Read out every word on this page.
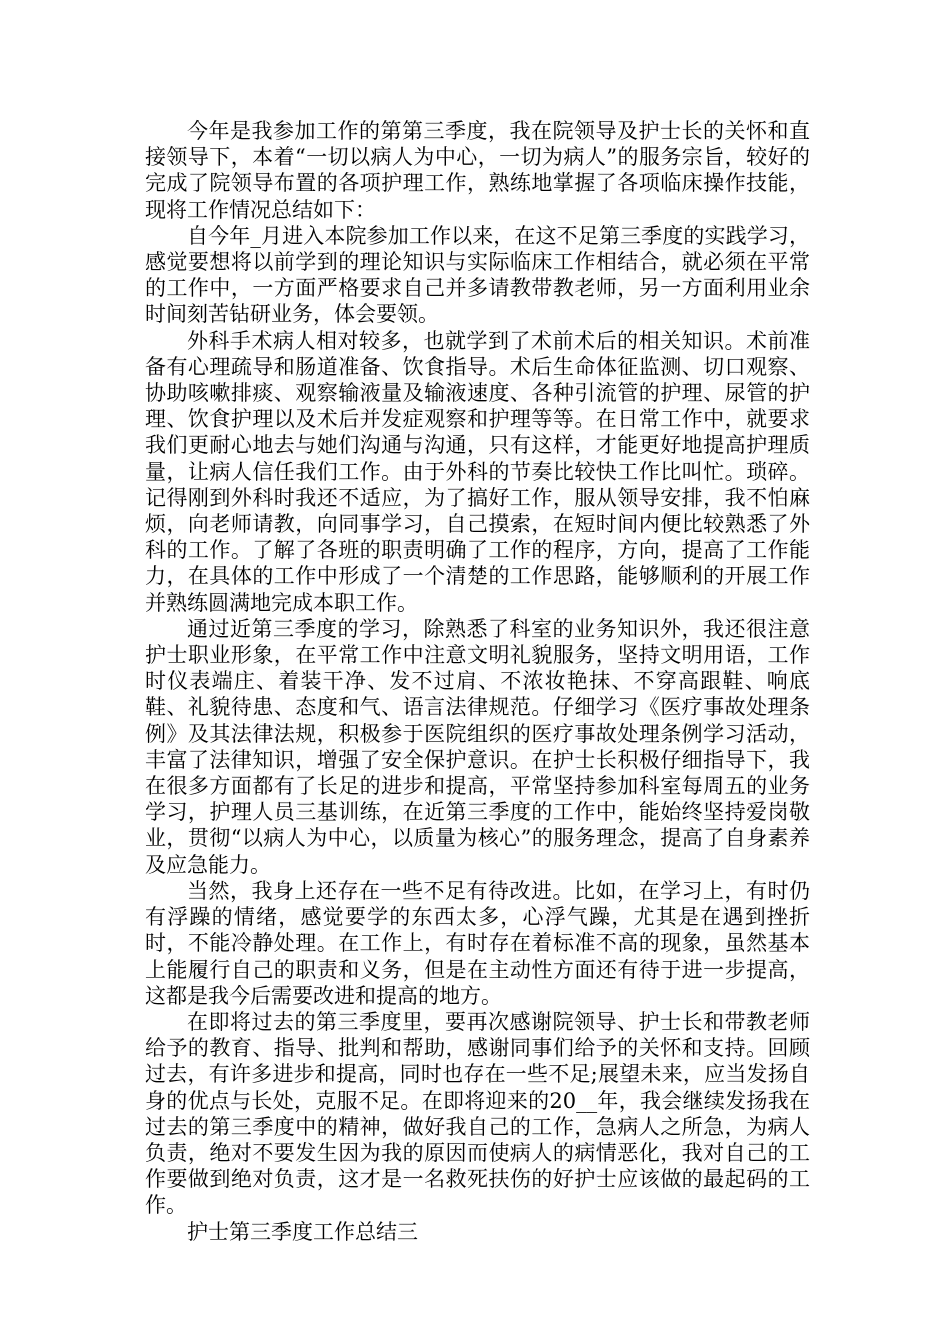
今年是我参加工作的第第三季度，我在院领导及护士长的关怀和直接领导下，本着“一切以病人为中心，一切为病人”的服务宗旨，较好的完成了院领导布置的各项护理工作，熟练地掌握了各项临床操作技能，现将工作情况总结如下：

自今年_月进入本院参加工作以来，在这不足第三季度的实践学习，感觉要想将以前学到的理论知识与实际临床工作相结合，就必须在平常的工作中，一方面严格要求自己并多请教带教老师，另一方面利用业余时间刻苦钻研业务，体会要领。

外科手术病人相对较多，也就学到了术前术后的相关知识。术前准备有心理疏导和肠道准备、饮食指导。术后生命体征监测、切口观察、协助咳嗽排痰、观察输液量及输液速度、各种引流管的护理、尿管的护理、饮食护理以及术后并发症观察和护理等等。在日常工作中，就要求我们更耐心地去与她们沟通与沟通，只有这样，才能更好地提高护理质量，让病人信任我们工作。由于外科的节奏比较快工作比叫忙。琐碎。记得刚到外科时我还不适应，为了搞好工作，服从领导安排，我不怕麻烦，向老师请教，向同事学习，自己摸索，在短时间内便比较熟悉了外科的工作。了解了各班的职责明确了工作的程序，方向，提高了工作能力，在具体的工作中形成了一个清楚的工作思路，能够顺利的开展工作并熟练圆满地完成本职工作。

通过近第三季度的学习，除熟悉了科室的业务知识外，我还很注意护士职业形象，在平常工作中注意文明礼貌服务，坚持文明用语，工作时仪表端庄、着装干净、发不过肩、不浓妆艳抹、不穿高跟鞋、响底鞋、礼貌待患、态度和气、语言法律规范。仔细学习《医疗事故处理条例》及其法律法规，积极参于医院组织的医疗事故处理条例学习活动，丰富了法律知识，增强了安全保护意识。在护士长积极仔细指导下，我在很多方面都有了长足的进步和提高，平常坚持参加科室每周五的业务学习，护理人员三基训练，在近第三季度的工作中，能始终坚持爱岗敬业，贯彻“以病人为中心，以质量为核心”的服务理念，提高了自身素养及应急能力。

当然，我身上还存在一些不足有待改进。比如，在学习上，有时仍有浮躁的情绪，感觉要学的东西太多，心浮气躁，尤其是在遇到挫折时，不能冷静处理。在工作上，有时存在着标准不高的现象，虽然基本上能履行自己的职责和义务，但是在主动性方面还有待于进一步提高，这都是我今后需要改进和提高的地方。

在即将过去的第三季度里，要再次感谢院领导、护士长和带教老师给予的教育、指导、批判和帮助，感谢同事们给予的关怀和支持。回顾过去，有许多进步和提高，同时也存在一些不足;展望未来，应当发扬自身的优点与长处，克服不足。在即将迎来的20__年，我会继续发扬我在过去的第三季度中的精神，做好我自己的工作，急病人之所急，为病人负责，绝对不要发生因为我的原因而使病人的病情恶化，我对自己的工作要做到绝对负责，这才是一名救死扶伤的好护士应该做的最起码的工作。

护士第三季度工作总结三
